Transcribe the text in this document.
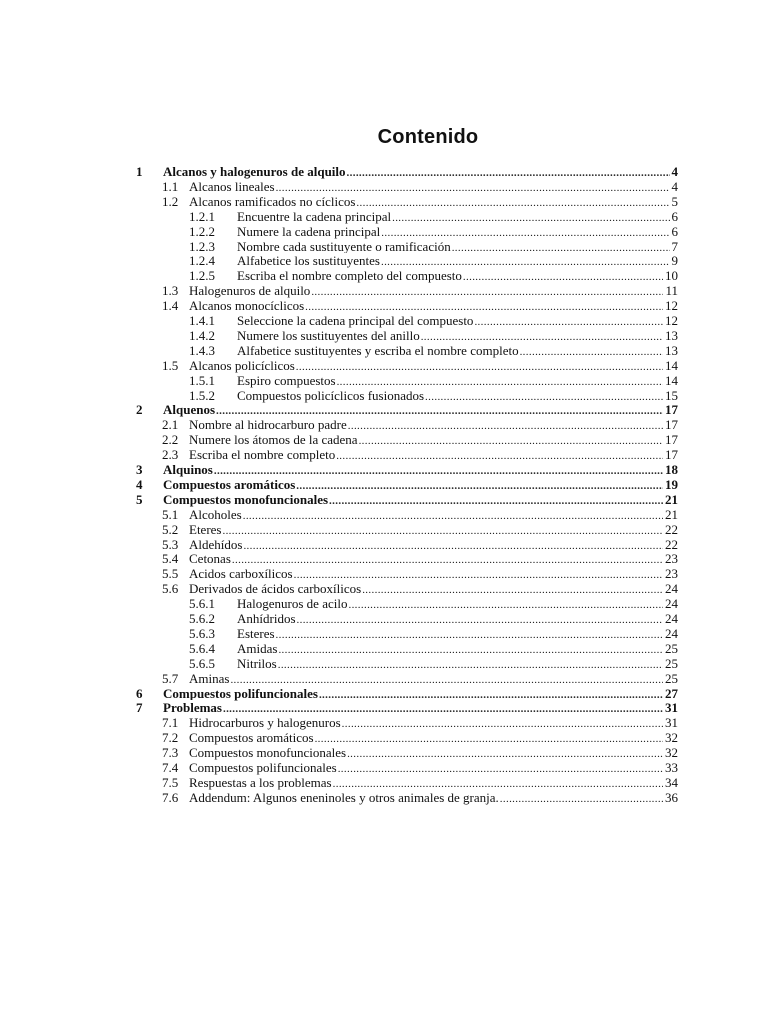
Contenido
1 Alcanos y halogenuros de alquilo . . .	4
1.1 Alcanos lineales . . .	4
1.2 Alcanos ramificados no cíclicos . . .	5
1.2.1 Encuentre la cadena principal . . .	6
1.2.2 Numere la cadena principal . . .	6
1.2.3 Nombre cada sustituyente o ramificación . . .	7
1.2.4 Alfabetice los sustituyentes . . .	9
1.2.5 Escriba el nombre completo del compuesto . . .	10
1.3 Halogenuros de alquilo . . .	11
1.4 Alcanos monocíclicos . . .	12
1.4.1 Seleccione la cadena principal del compuesto . . .	12
1.4.2 Numere los sustituyentes del anillo . . .	13
1.4.3 Alfabetice sustituyentes y escriba el nombre completo . . .	13
1.5 Alcanos policíclicos . . .	14
1.5.1 Espiro compuestos . . .	14
1.5.2 Compuestos policíclicos fusionados . . .	15
2 Alquenos . . .	17
2.1 Nombre al hidrocarburo padre . . .	17
2.2 Numere los átomos de la cadena . . .	17
2.3 Escriba el nombre completo . . .	17
3 Alquinos . . .	18
4 Compuestos aromáticos . . .	19
5 Compuestos monofuncionales . . .	21
5.1 Alcoholes . . .	21
5.2 Eteres . . .	22
5.3 Aldehídos . . .	22
5.4 Cetonas . . .	23
5.5 Acidos carboxílicos . . .	23
5.6 Derivados de ácidos carboxílicos . . .	24
5.6.1 Halogenuros de acilo . . .	24
5.6.2 Anhídridos . . .	24
5.6.3 Esteres . . .	24
5.6.4 Amidas . . .	25
5.6.5 Nitrilos . . .	25
5.7 Aminas . . .	25
6 Compuestos polifuncionales . . .	27
7 Problemas . . .	31
7.1 Hidrocarburos y halogenuros . . .	31
7.2 Compuestos aromáticos . . .	32
7.3 Compuestos monofuncionales . . .	32
7.4 Compuestos polifuncionales . . .	33
7.5 Respuestas a los problemas . . .	34
7.6 Addendum: Algunos eneninoles y otros animales de granja. . . .	36
